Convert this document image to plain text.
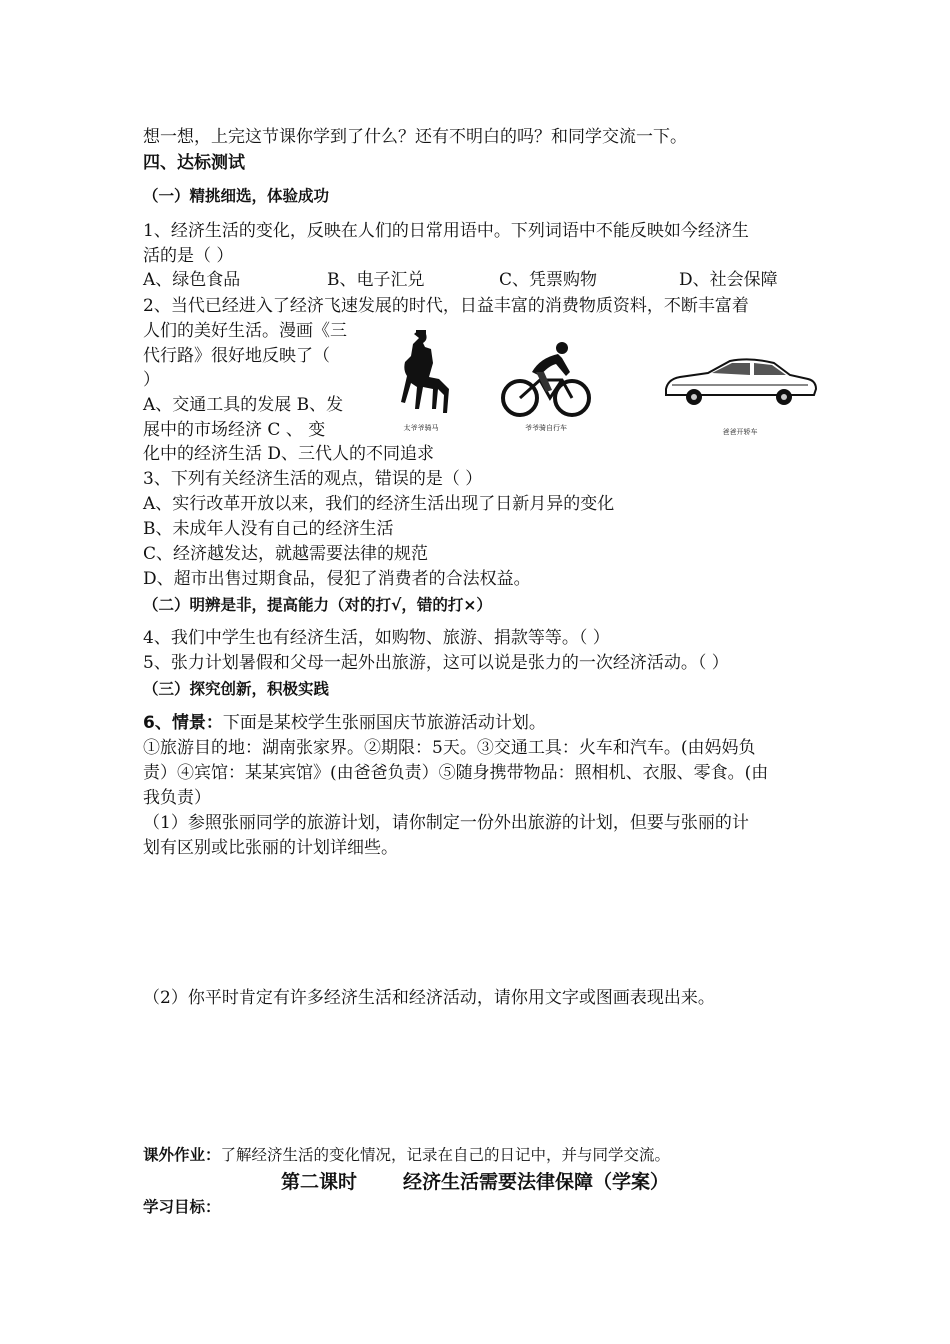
想一想，上完这节课你学到了什么？还有不明白的吗？和同学交流一下。
四、达标测试
（一）精挑细选，体验成功
1、经济生活的变化，反映在人们的日常用语中。下列词语中不能反映如今经济生
活的是（ ）
A、绿色食品	B、电子汇兑	C、凭票购物	D、社会保障
2、当代已经进入了经济飞速发展的时代，日益丰富的消费物质资料，不断丰富着
人们的美好生活。漫画《三
代行路》很好地反映了（
）
A、交通工具的发展 B、发
展中的市场经济 C 、 变
化中的经济生活 D、三代人的不同追求
太爷爷骑马	爷爷骑自行车	爸爸开轿车
3、下列有关经济生活的观点，错误的是（ ）
A、实行改革开放以来，我们的经济生活出现了日新月异的变化
B、未成年人没有自己的经济生活
C、经济越发达，就越需要法律的规范
D、超市出售过期食品，侵犯了消费者的合法权益。
（二）明辨是非，提高能力（对的打√，错的打×）
4、我们中学生也有经济生活，如购物、旅游、捐款等等。（ ）
5、张力计划暑假和父母一起外出旅游，这可以说是张力的一次经济活动。（ ）
（三）探究创新，积极实践
6、情景：下面是某校学生张丽国庆节旅游活动计划。
①旅游目的地：湖南张家界。②期限：5天。③交通工具：火车和汽车。(由妈妈负
责）④宾馆：某某宾馆》(由爸爸负责）⑤随身携带物品：照相机、衣服、零食。(由
我负责）
（1）参照张丽同学的旅游计划，请你制定一份外出旅游的计划，但要与张丽的计
划有区别或比张丽的计划详细些。
（2）你平时肯定有许多经济生活和经济活动，请你用文字或图画表现出来。
课外作业：了解经济生活的变化情况，记录在自己的日记中，并与同学交流。
第二课时 经济生活需要法律保障（学案）
学习目标：
